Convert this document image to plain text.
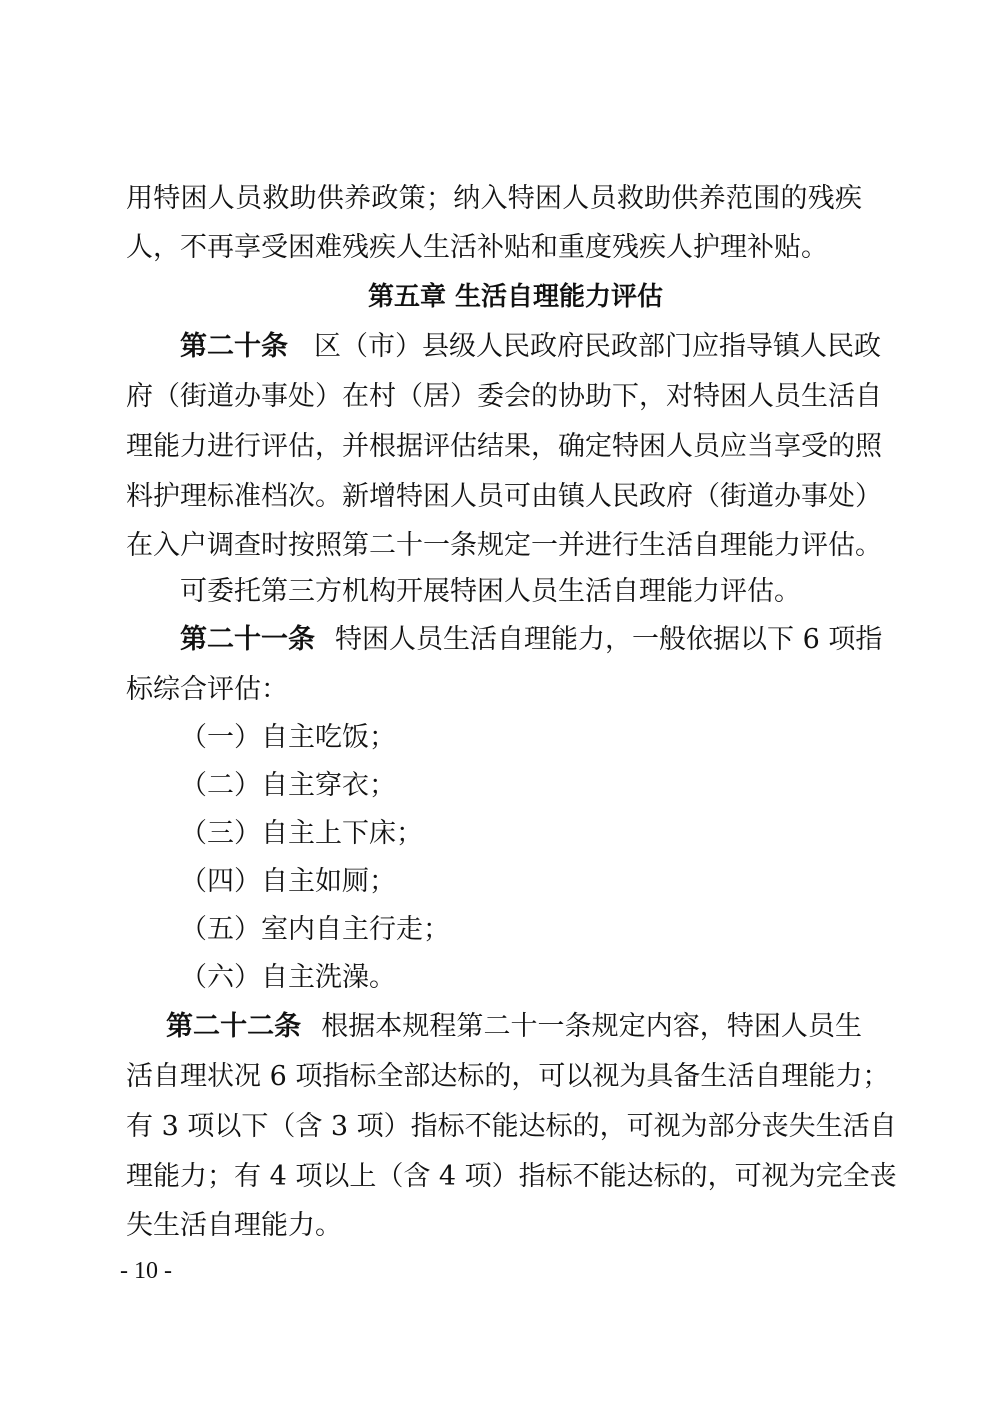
用特困人员救助供养政策；纳入特困人员救助供养范围的残疾
人，不再享受困难残疾人生活补贴和重度残疾人护理补贴。
第五章 生活自理能力评估
第二十条 区（市）县级人民政府民政部门应指导镇人民政
府（街道办事处）在村（居）委会的协助下，对特困人员生活自
理能力进行评估，并根据评估结果，确定特困人员应当享受的照
料护理标准档次。新增特困人员可由镇人民政府（街道办事处）
在入户调查时按照第二十一条规定一并进行生活自理能力评估。
可委托第三方机构开展特困人员生活自理能力评估。
第二十一条 特困人员生活自理能力，一般依据以下 6 项指
标综合评估：
（一）自主吃饭；
（二）自主穿衣；
（三）自主上下床；
（四）自主如厕；
（五）室内自主行走；
（六）自主洗澡。
第二十二条 根据本规程第二十一条规定内容，特困人员生
活自理状况 6 项指标全部达标的，可以视为具备生活自理能力；
有 3 项以下（含 3 项）指标不能达标的，可视为部分丧失生活自
理能力；有 4 项以上（含 4 项）指标不能达标的，可视为完全丧
失生活自理能力。
- 10 -
